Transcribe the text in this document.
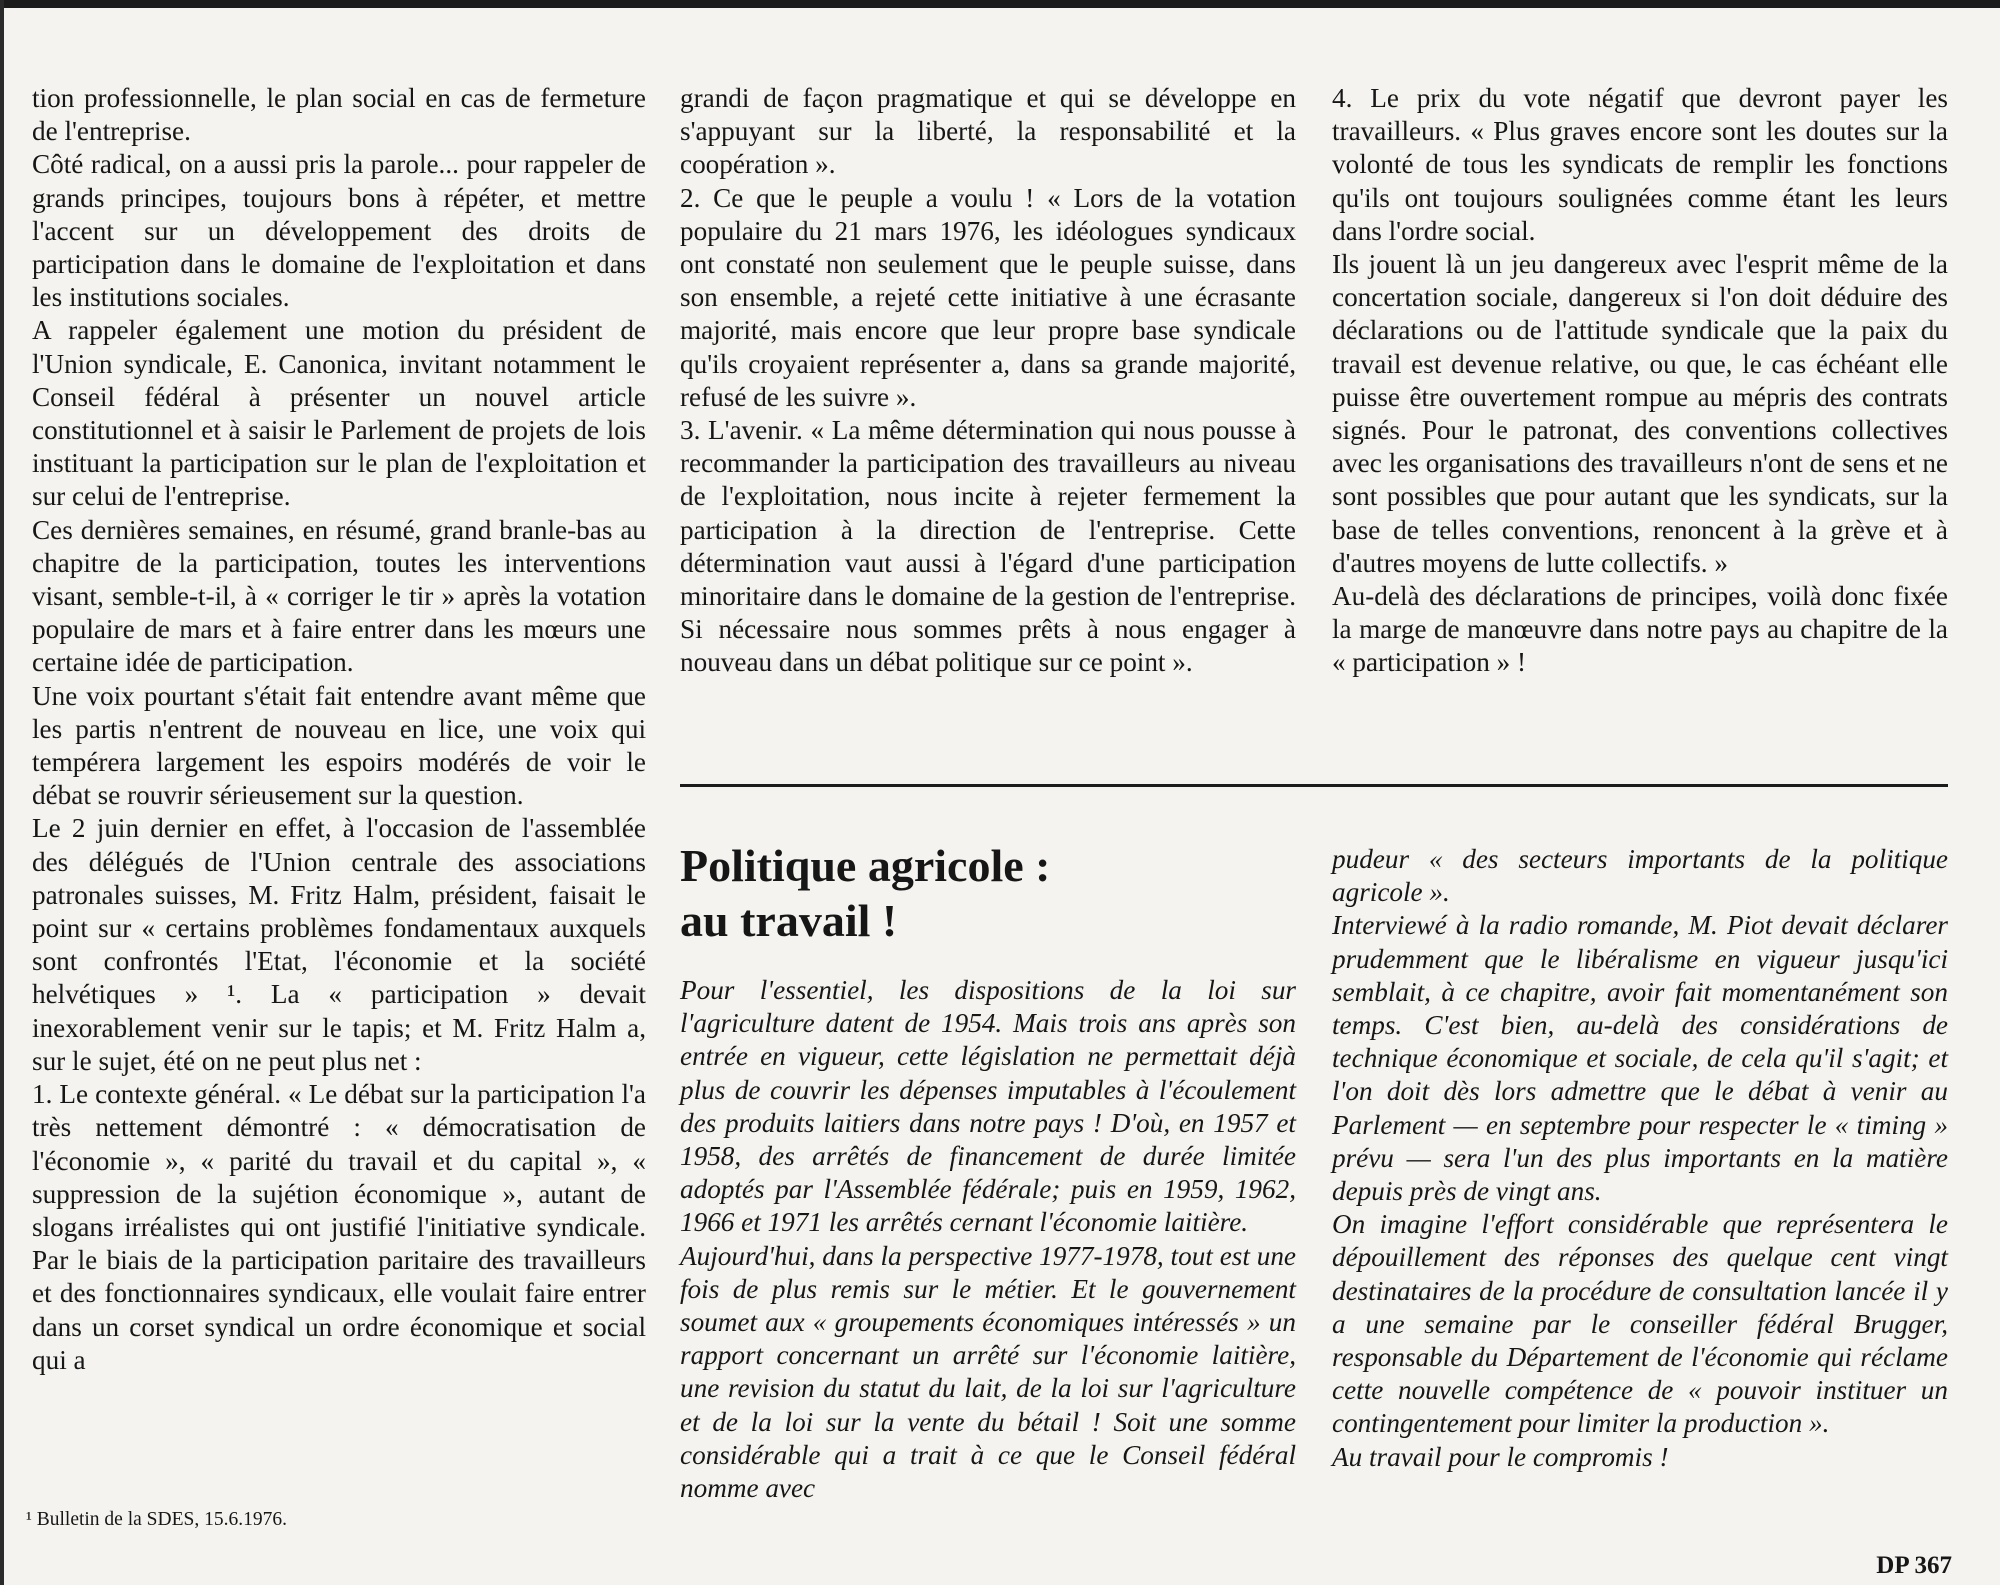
tion professionnelle, le plan social en cas de fermeture de l'entreprise.

Côté radical, on a aussi pris la parole... pour rappeler de grands principes, toujours bons à répéter, et mettre l'accent sur un développement des droits de participation dans le domaine de l'exploitation et dans les institutions sociales.

A rappeler également une motion du président de l'Union syndicale, E. Canonica, invitant notamment le Conseil fédéral à présenter un nouvel article constitutionnel et à saisir le Parlement de projets de lois instituant la participation sur le plan de l'exploitation et sur celui de l'entreprise.

Ces dernières semaines, en résumé, grand branle-bas au chapitre de la participation, toutes les interventions visant, semble-t-il, à « corriger le tir » après la votation populaire de mars et à faire entrer dans les mœurs une certaine idée de participation.

Une voix pourtant s'était fait entendre avant même que les partis n'entrent de nouveau en lice, une voix qui tempérera largement les espoirs modérés de voir le débat se rouvrir sérieusement sur la question.

Le 2 juin dernier en effet, à l'occasion de l'assemblée des délégués de l'Union centrale des associations patronales suisses, M. Fritz Halm, président, faisait le point sur « certains problèmes fondamentaux auxquels sont confrontés l'Etat, l'économie et la société helvétiques » ¹. La « participation » devait inexorablement venir sur le tapis; et M. Fritz Halm a, sur le sujet, été on ne peut plus net :

1. Le contexte général. « Le débat sur la participation l'a très nettement démontré : « démocratisation de l'économie », « parité du travail et du capital », « suppression de la sujétion économique », autant de slogans irréalistes qui ont justifié l'initiative syndicale. Par le biais de la participation paritaire des travailleurs et des fonctionnaires syndicaux, elle voulait faire entrer dans un corset syndical un ordre économique et social qui a

grandi de façon pragmatique et qui se développe en s'appuyant sur la liberté, la responsabilité et la coopération ».

2. Ce que le peuple a voulu ! « Lors de la votation populaire du 21 mars 1976, les idéologues syndicaux ont constaté non seulement que le peuple suisse, dans son ensemble, a rejeté cette initiative à une écrasante majorité, mais encore que leur propre base syndicale qu'ils croyaient représenter a, dans sa grande majorité, refusé de les suivre ».

3. L'avenir. « La même détermination qui nous pousse à recommander la participation des travailleurs au niveau de l'exploitation, nous incite à rejeter fermement la participation à la direction de l'entreprise. Cette détermination vaut aussi à l'égard d'une participation minoritaire dans le domaine de la gestion de l'entreprise. Si nécessaire nous sommes prêts à nous engager à nouveau dans un débat politique sur ce point ».

4. Le prix du vote négatif que devront payer les travailleurs. « Plus graves encore sont les doutes sur la volonté de tous les syndicats de remplir les fonctions qu'ils ont toujours soulignées comme étant les leurs dans l'ordre social.

Ils jouent là un jeu dangereux avec l'esprit même de la concertation sociale, dangereux si l'on doit déduire des déclarations ou de l'attitude syndicale que la paix du travail est devenue relative, ou que, le cas échéant elle puisse être ouvertement rompue au mépris des contrats signés. Pour le patronat, des conventions collectives avec les organisations des travailleurs n'ont de sens et ne sont possibles que pour autant que les syndicats, sur la base de telles conventions, renoncent à la grève et à d'autres moyens de lutte collectifs. »

Au-delà des déclarations de principes, voilà donc fixée la marge de manœuvre dans notre pays au chapitre de la « participation » !

Politique agricole :
au travail !

Pour l'essentiel, les dispositions de la loi sur l'agriculture datent de 1954. Mais trois ans après son entrée en vigueur, cette législation ne permettait déjà plus de couvrir les dépenses imputables à l'écoulement des produits laitiers dans notre pays ! D'où, en 1957 et 1958, des arrêtés de financement de durée limitée adoptés par l'Assemblée fédérale; puis en 1959, 1962, 1966 et 1971 les arrêtés cernant l'économie laitière.

Aujourd'hui, dans la perspective 1977-1978, tout est une fois de plus remis sur le métier. Et le gouvernement soumet aux « groupements économiques intéressés » un rapport concernant un arrêté sur l'économie laitière, une revision du statut du lait, de la loi sur l'agriculture et de la loi sur la vente du bétail ! Soit une somme considérable qui a trait à ce que le Conseil fédéral nomme avec

pudeur « des secteurs importants de la politique agricole ».

Interviewé à la radio romande, M. Piot devait déclarer prudemment que le libéralisme en vigueur jusqu'ici semblait, à ce chapitre, avoir fait momentanément son temps. C'est bien, au-delà des considérations de technique économique et sociale, de cela qu'il s'agit; et l'on doit dès lors admettre que le débat à venir au Parlement — en septembre pour respecter le « timing » prévu — sera l'un des plus importants en la matière depuis près de vingt ans.

On imagine l'effort considérable que représentera le dépouillement des réponses des quelque cent vingt destinataires de la procédure de consultation lancée il y a une semaine par le conseiller fédéral Brugger, responsable du Département de l'économie qui réclame cette nouvelle compétence de « pouvoir instituer un contingentement pour limiter la production ».

Au travail pour le compromis !

¹ Bulletin de la SDES, 15.6.1976.
DP 367
